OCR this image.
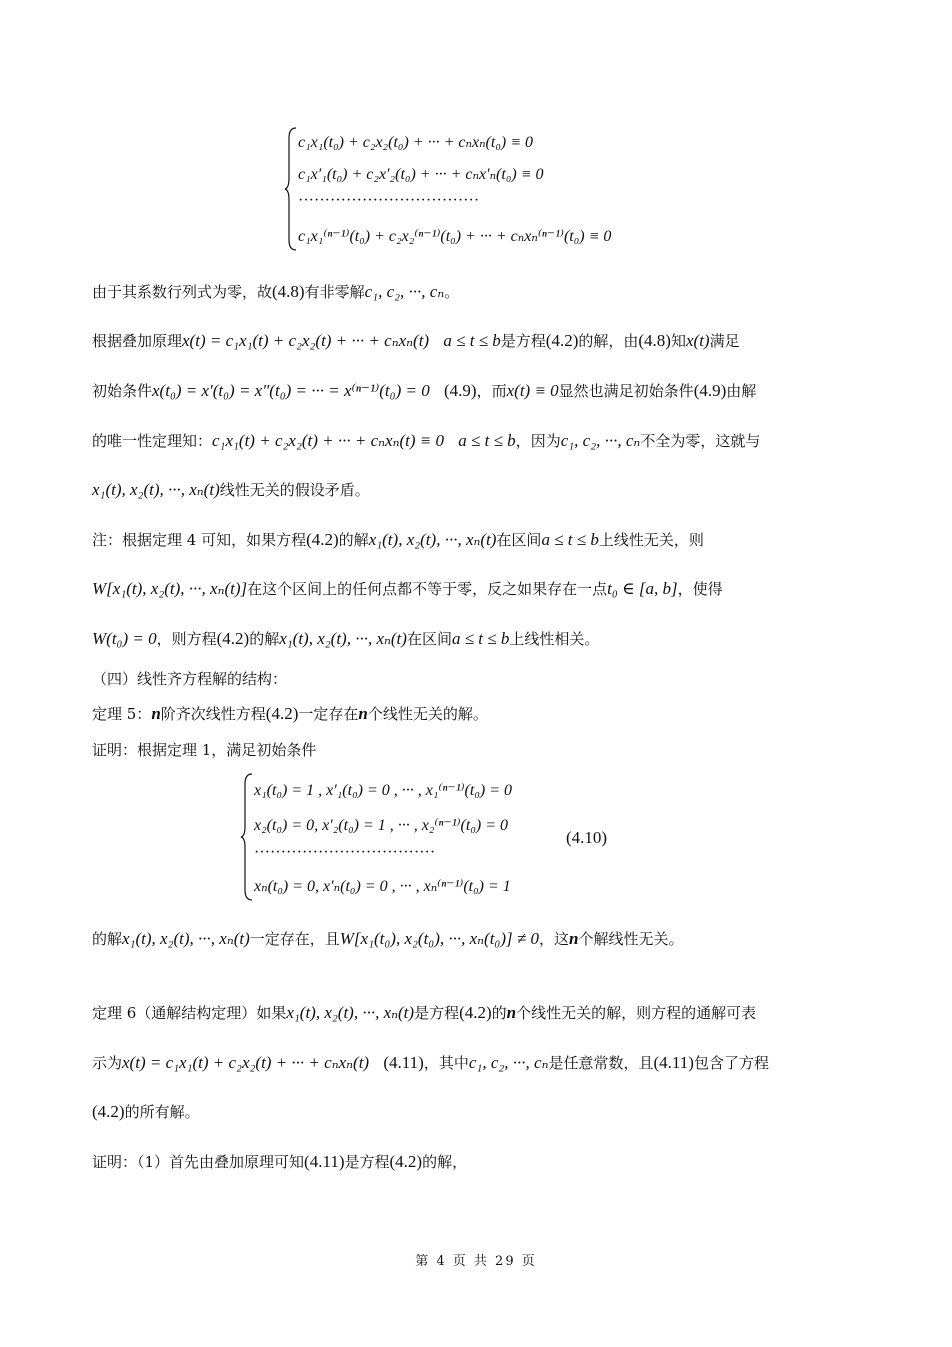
c₁x₁(t₀) + c₂x₂(t₀) + ··· + cₙxₙ(t₀) ≡ 0
c₁x′₁(t₀) + c₂x′₂(t₀) + ··· + cₙx′ₙ(t₀) ≡ 0
··································
c₁x₁⁽ⁿ⁻¹⁾(t₀) + c₂x₂⁽ⁿ⁻¹⁾(t₀) + ··· + cₙxₙ⁽ⁿ⁻¹⁾(t₀) ≡ 0
由于其系数行列式为零，故(4.8)有非零解c₁, c₂, ···, cₙ。
根据叠加原理x(t) = c₁x₁(t) + c₂x₂(t) + ··· + cₙxₙ(t) a ≤ t ≤ b是方程(4.2)的解，由(4.8)知x(t)满足
初始条件x(t₀) = x′(t₀) = x″(t₀) = ··· = x⁽ⁿ⁻¹⁾(t₀) = 0 (4.9)，而x(t) ≡ 0显然也满足初始条件(4.9)由解
的唯一性定理知：c₁x₁(t) + c₂x₂(t) + ··· + cₙxₙ(t) ≡ 0 a ≤ t ≤ b，因为c₁, c₂, ···, cₙ不全为零，这就与
x₁(t), x₂(t), ···, xₙ(t)线性无关的假设矛盾。
注：根据定理 4 可知，如果方程(4.2)的解x₁(t), x₂(t), ···, xₙ(t)在区间a ≤ t ≤ b上线性无关，则
W[x₁(t), x₂(t), ···, xₙ(t)]在这个区间上的任何点都不等于零，反之如果存在一点t₀ ∈ [a, b]，使得
W(t₀) = 0，则方程(4.2)的解x₁(t), x₂(t), ···, xₙ(t)在区间a ≤ t ≤ b上线性相关。
（四）线性齐方程解的结构：
定理 5：n阶齐次线性方程(4.2)一定存在n个线性无关的解。
证明：根据定理 1，满足初始条件
x₁(t₀) = 1 , x′₁(t₀) = 0 , ··· , x₁⁽ⁿ⁻¹⁾(t₀) = 0
x₂(t₀) = 0, x′₂(t₀) = 1 , ··· , x₂⁽ⁿ⁻¹⁾(t₀) = 0
··································
xₙ(t₀) = 0, x′ₙ(t₀) = 0 , ··· , xₙ⁽ⁿ⁻¹⁾(t₀) = 1
(4.10)
的解x₁(t), x₂(t), ···, xₙ(t)一定存在，且W[x₁(t₀), x₂(t₀), ···, xₙ(t₀)] ≠ 0，这n个解线性无关。
定理 6（通解结构定理）如果x₁(t), x₂(t), ···, xₙ(t)是方程(4.2)的n个线性无关的解，则方程的通解可表
示为x(t) = c₁x₁(t) + c₂x₂(t) + ··· + cₙxₙ(t) (4.11)，其中c₁, c₂, ···, cₙ是任意常数，且(4.11)包含了方程
(4.2)的所有解。
证明：（1）首先由叠加原理可知(4.11)是方程(4.2)的解，
第 4 页 共 29 页
